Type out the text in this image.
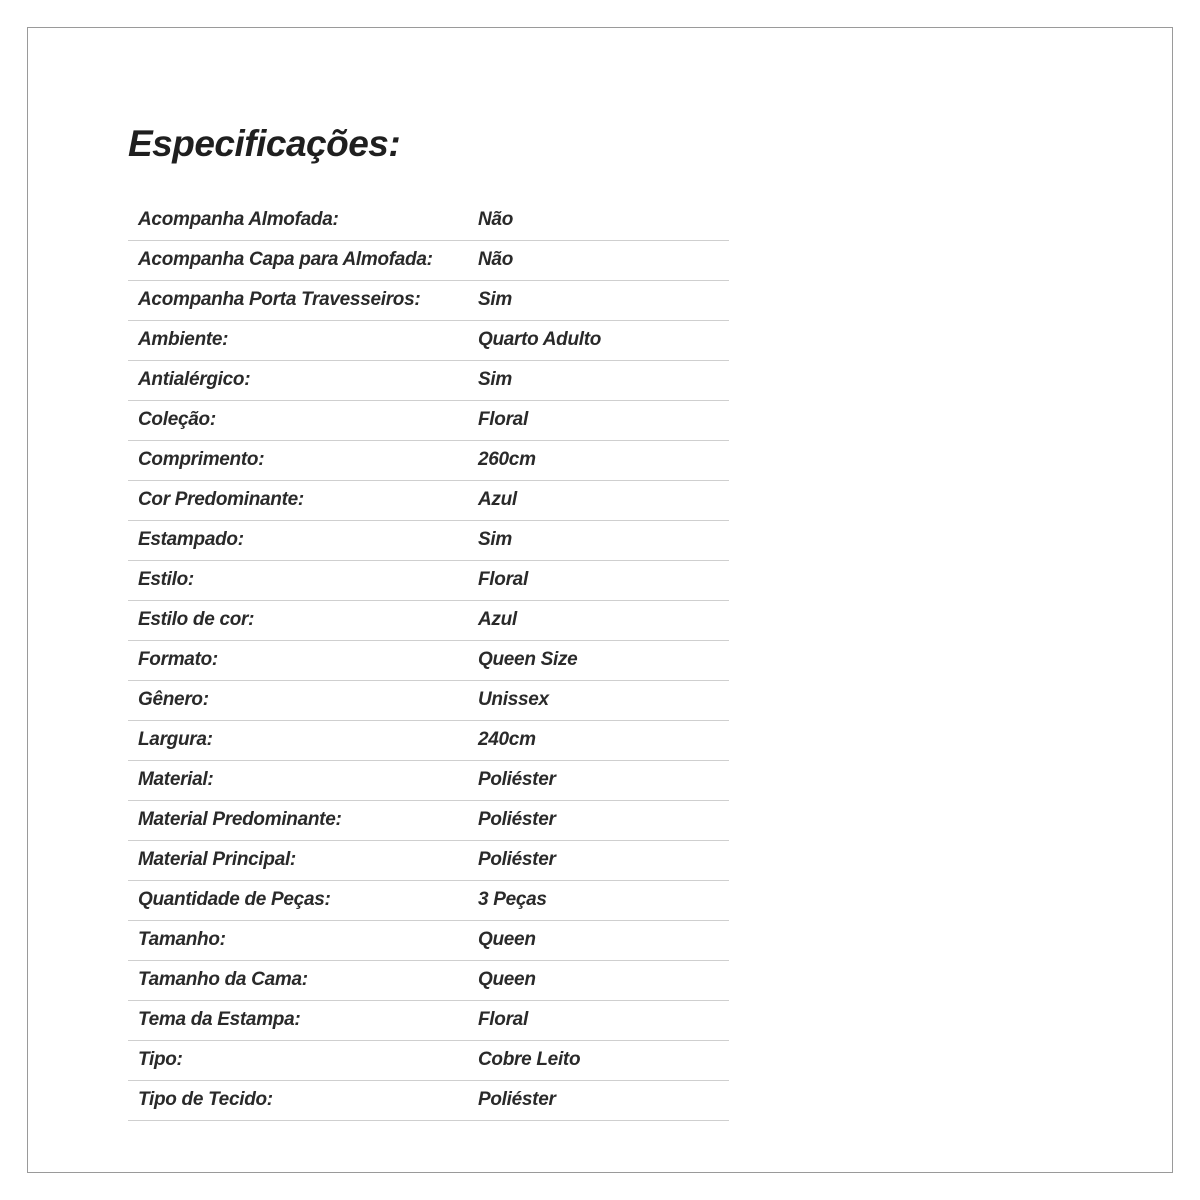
Especificações:
Acompanha Almofada:	Não
Acompanha Capa para Almofada:	Não
Acompanha Porta Travesseiros:	Sim
Ambiente:	Quarto Adulto
Antialérgico:	Sim
Coleção:	Floral
Comprimento:	260cm
Cor Predominante:	Azul
Estampado:	Sim
Estilo:	Floral
Estilo de cor:	Azul
Formato:	Queen Size
Gênero:	Unissex
Largura:	240cm
Material:	Poliéster
Material Predominante:	Poliéster
Material Principal:	Poliéster
Quantidade de Peças:	3 Peças
Tamanho:	Queen
Tamanho da Cama:	Queen
Tema da Estampa:	Floral
Tipo:	Cobre Leito
Tipo de Tecido:	Poliéster
